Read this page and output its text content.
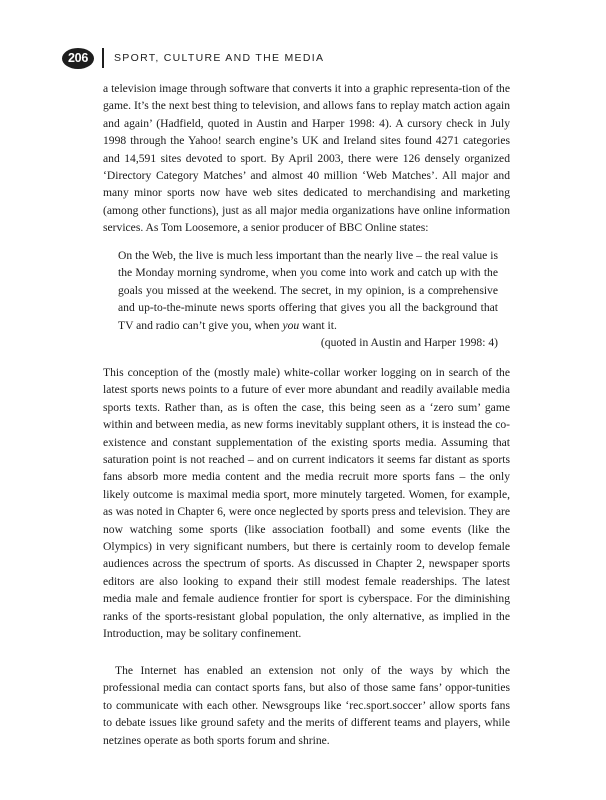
206	SPORT, CULTURE AND THE MEDIA

a television image through software that converts it into a graphic representa-tion of the game. It’s the next best thing to television, and allows fans to replay match action again and again’ (Hadfield, quoted in Austin and Harper 1998: 4). A cursory check in July 1998 through the Yahoo! search engine’s UK and Ireland sites found 4271 categories and 14,591 sites devoted to sport. By April 2003, there were 126 densely organized ‘Directory Category Matches’ and almost 40 million ‘Web Matches’. All major and many minor sports now have web sites dedicated to merchandising and marketing (among other functions), just as all major media organizations have online information services. As Tom Loosemore, a senior producer of BBC Online states:

On the Web, the live is much less important than the nearly live – the real value is the Monday morning syndrome, when you come into work and catch up with the goals you missed at the weekend. The secret, in my opinion, is a comprehensive and up-to-the-minute news sports offering that gives you all the background that TV and radio can’t give you, when you want it.

(quoted in Austin and Harper 1998: 4)

This conception of the (mostly male) white-collar worker logging on in search of the latest sports news points to a future of ever more abundant and readily available media sports texts. Rather than, as is often the case, this being seen as a ‘zero sum’ game within and between media, as new forms inevitably supplant others, it is instead the co-existence and constant supplementation of the existing sports media. Assuming that saturation point is not reached – and on current indicators it seems far distant as sports fans absorb more media content and the media recruit more sports fans – the only likely outcome is maximal media sport, more minutely targeted. Women, for example, as was noted in Chapter 6, were once neglected by sports press and television. They are now watching some sports (like association football) and some events (like the Olympics) in very significant numbers, but there is certainly room to develop female audiences across the spectrum of sports. As discussed in Chapter 2, newspaper sports editors are also looking to expand their still modest female readerships. The latest media male and female audience frontier for sport is cyberspace. For the diminishing ranks of the sports-resistant global population, the only alternative, as implied in the Introduction, may be solitary confinement.

The Internet has enabled an extension not only of the ways by which the professional media can contact sports fans, but also of those same fans’ oppor-tunities to communicate with each other. Newsgroups like ‘rec.sport.soccer’ allow sports fans to debate issues like ground safety and the merits of different teams and players, while netzines operate as both sports forum and shrine.
